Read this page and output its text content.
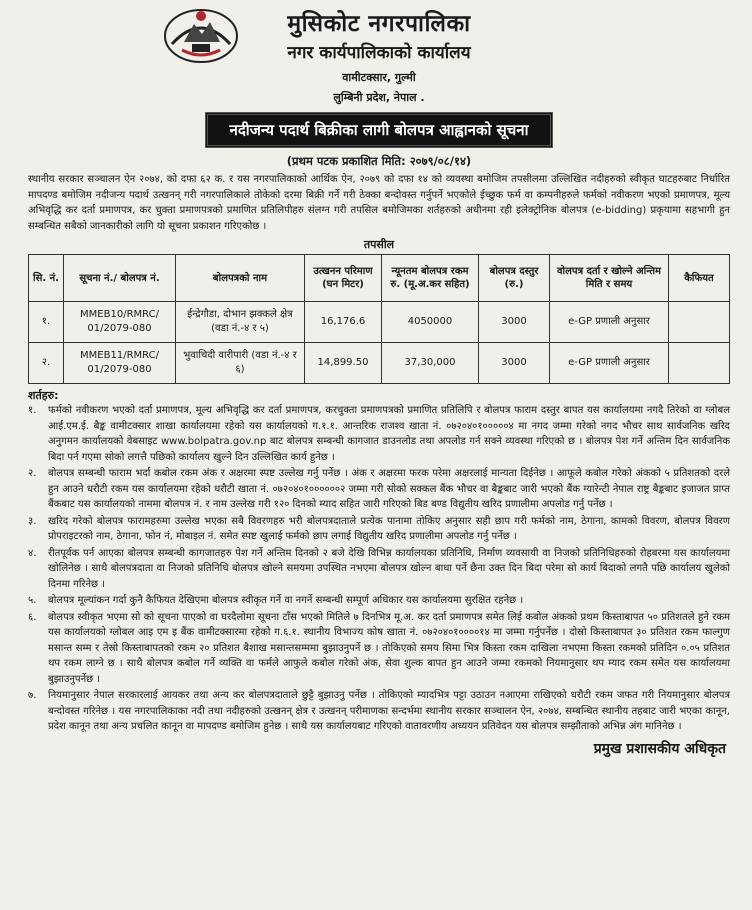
मुसिकोट नगरपालिका
नगर कार्यपालिकाको कार्यालय
वामीटक्सार, गुल्मी
लुम्बिनी प्रदेश, नेपाल .
नदीजन्य पदार्थ बिक्रीका लागी बोलपत्र आह्वानको सूचना
(प्रथम पटक प्रकाशित मिति: २०७९/०८/१४)
स्थानीय सरकार सञ्चालन ऐन २०७४, को दफा ६२ क. र यस नगरपालिकाको आर्थिक ऐन, २०७९ को दफा १४ को व्यवस्था बमोजिम तपसीलमा उल्लिखित नदीहरुको स्वीकृत घाटहरुबाट निर्धारित मापदण्ड बमोजिम नदीजन्य पदार्थ उत्खनन् गरी नगरपालिकाले तोकेको दरमा बिक्री गर्ने गरी ठेक्का बन्दोवस्त गर्नुपर्ने भएकोले ईच्छुक फर्म वा कम्पनीहरुले फर्मको नवीकरण भएको प्रमाणपत्र, मूल्य अभिवृद्धि कर दर्ता प्रमाणपत्र, कर चुक्ता प्रमाणपत्रको प्रमाणित प्रतिलिपीहरु संलग्न गरी तपसिल बमोजिमका शर्तहरुको अधीनमा रही इलेक्ट्रोनिक बोलपत्र (e-bidding) प्रकृयामा सहभागी हुन सम्बन्धित सबैको जानकारीको लागि यो सूचना प्रकाशन गरिएकोछ ।
तपसील
सि. नं.	सूचना नं./ बोलपत्र नं.	बोलपत्रको नाम	उत्खनन परिमाण (घन मिटर)	न्यूनतम बोलपत्र रकम रु. (मू.अ.कर सहित)	बोलपत्र दस्तुर (रु.)	वोलपत्र दर्ता र खोल्ने अन्तिम मिति र समय	कैफियत
१.	MMEB10/RMRC/ 01/2079-080	ईन्द्रेगौडा, दोभान झक्कले क्षेत्र (वडा नं.-४ र ५)	16,176.6	4050000	3000	e-GP प्रणाली अनुसार	
२.	MMEB11/RMRC/ 01/2079-080	भुवाचिदी वारीपारी (वडा नं.-४ र ६)	14,899.50	37,30,000	3000	e-GP प्रणाली अनुसार	
शर्तहरु:
१.	फर्मको नवीकरण भएको दर्ता प्रमाणपत्र, मूल्य अभिवृद्धि कर दर्ता प्रमाणपत्र, करचुक्ता प्रमाणपत्रको प्रमाणित प्रतिलिपि र बोलपत्र फाराम दस्तुर बापत यस कार्यालयमा नगदै तिरेको वा ग्लोबल आई.एम.ई. बैङ्क वामीटक्सार शाखा कार्यालयमा रहेको यस कार्यालयको ग.१.१. आन्तरिक राजश्व खाता नं. ०७२०४०१०००००४ मा नगद जम्मा गरेको नगद भौचर साथ सार्वजनिक खरिद अनुगमन कार्यालयको वेबसाइट www.bolpatra.gov.np बाट बोलपत्र सम्बन्धी कागजात डाउनलोड तथा अपलोड गर्न सक्ने व्यवस्था गरिएको छ । बोलपत्र पेश गर्ने अन्तिम दिन सार्वजनिक बिदा पर्न गएमा सोको लगत्तै पछिको कार्यालय खुल्ने दिन उल्लिखित कार्य हुनेछ ।
२.	बोलपत्र सम्बन्धी फाराम भर्दा कबोल रकम अंक र अक्षरमा स्पष्ट उल्लेख गर्नु पर्नेछ । अंक र अक्षरमा फरक परेमा अक्षरलाई मान्यता दिईनेछ । आफूले कबोल गरेको अंकको ५ प्रतिशतको दरले हुन आउने धरौटी रकम यस कार्यालयमा रहेको धरौटी खाता नं. ०७२०४०१००००००२ जम्मा गरी सोको सक्कल बैंक भौचर वा बैङ्कबाट जारी भएको बैंक ग्यारेन्टी नेपाल राष्ट्र बैङ्कबाट इजाजत प्राप्त बैंकबाट यस कार्यालयको नाममा बोलपत्र नं. र नाम उल्लेख गरी १२० दिनको म्याद सहित जारी गरिएको बिड बण्ड विद्युतीय खरिद प्रणालीमा अपलोड गर्नु पर्नेछ ।
३.	खरिद गरेको बोलपत्र फारामहरुमा उल्लेख भएका सबै विवरणहरु भरी बोलपत्रदाताले प्रत्येक पानामा तोकिए अनुसार सही छाप गरी फर्मको नाम, ठेगाना, कामको विवरण, बोलपत्र विवरण प्रोपराइटरको नाम, ठेगाना, फोन नं, मोबाइल नं. समेत स्पष्ट खुलाई फर्मको छाप लगाई विद्युतीय खरिद प्रणालीमा अपलोड गर्नु पर्नेछ ।
४.	रीतपूर्वक पर्न आएका बोलपत्र सम्बन्धी कागजातहरु पेश गर्ने अन्तिम दिनको २ बजे देखि विभिन्न कार्यालयका प्रतिनिधि, निर्माण व्यवसायी वा निजको प्रतिनिधिहरुको रोहबरमा यस कार्यालयमा खोलिनेछ । साथै बोलपत्रदाता वा निजको प्रतिनिधि बोलपत्र खोल्ने समयमा उपस्थित नभएमा बोलपत्र खोल्न बाधा पर्ने छैना उक्त दिन बिदा परेमा सो कार्य बिदाको लगतै पछि कार्यालय खुलेको दिनमा गरिनेछ ।
५.	बोलपत्र मूल्यांकन गर्दा कुनै कैफियत देखिएमा बोलपत्र स्वीकृत गर्ने वा नगर्ने सम्बन्धी सम्पूर्ण अधिकार यस कार्यालयमा सुरक्षित रहनेछ ।
६.	बोलपत्र स्वीकृत भएमा सो को सूचना पाएको वा घरदैलोमा सूचना टाँस भएको मितिले ७ दिनभित्र मू.अ. कर दर्ता प्रमाणपत्र समेत लिई कबोल अंकको प्रथम किस्ताबापत ५० प्रतिशतले हुने रकम यस कार्यालयको ग्लोबल आइ एम इ बैंक वामीटक्सारमा रहेको ग.६.१. स्थानीय विभाज्य कोष खाता नं. ०७२०४०१००००१४ मा जम्मा गर्नुपर्नेछ । दोस्रो किस्ताबापत ३० प्रतिशत रकम फाल्गुण मसान्त सम्म र तेस्रो किस्ताबापतको रकम २० प्रतिशत बैशाख मसान्तसम्ममा बुझाउनुपर्ने छ । तोकिएको समय सिमा भित्र किस्ता रकम दाखिला नभएमा किस्ता रकमको प्रतिदिन ०.०५ प्रतिशत थप रकम लाग्ने छ । साथै बोलपत्र कबोल गर्ने व्यक्ति वा फर्मले आफुले कबोल गरेको अंक, सेवा शुल्क बापत हुन आउने जम्मा रकमको नियमानुसार थप म्याद रकम समेत यस कार्यालयमा बुझाउनुपर्नेछ ।
७.	नियमानुसार नेपाल सरकारलाई आयकर तथा अन्य कर बोलपत्रदाताले छुट्टै बुझाउनु पर्नेछ । तोकिएको म्यादभित्र पट्टा उठाउन नआएमा राखिएको धरौटी रकम जफत गरी नियमानुसार बोलपत्र बन्दोवस्त गरिनेछ । यस नगरपालिकाका नदी तथा नदीहरुको उत्खनन् क्षेत्र र उत्खनन् परीमाणका सन्दर्भमा स्थानीय सरकार सञ्चालन ऐन, २०७४, सम्बन्धित स्थानीय तहबाट जारी भएका कानून, प्रदेश कानून तथा अन्य प्रचलित कानून वा मापदण्ड बमोजिम हुनेछ । साथै यस कार्यालयबाट गरिएको वातावरणीय अध्ययन प्रतिवेदन यस बोलपत्र सम्झौताको अभिन्न अंग मानिनेछ ।
प्रमुख प्रशासकीय अधिकृत
